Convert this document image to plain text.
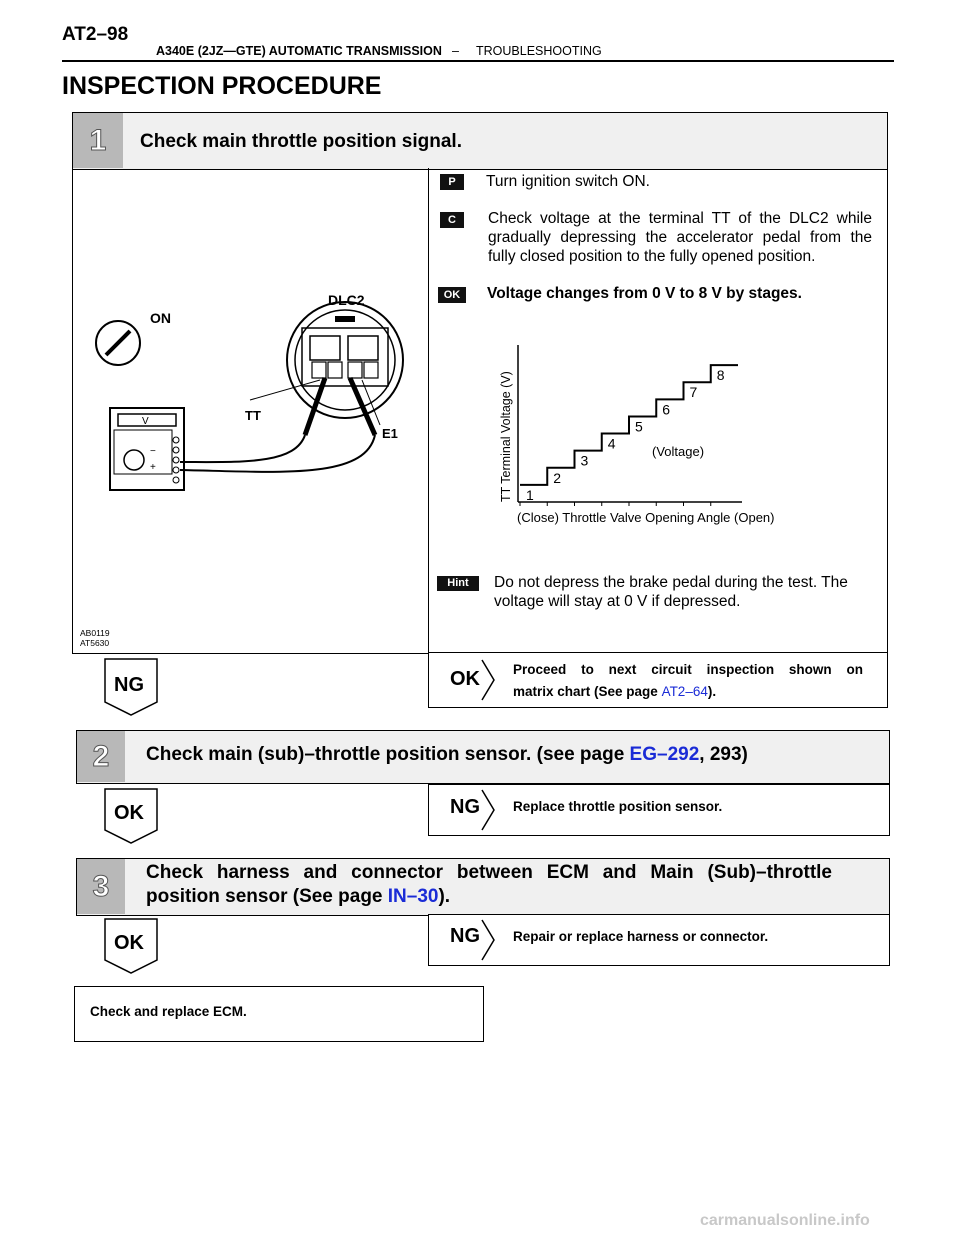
AT2–98
A340E (2JZ—GTE) AUTOMATIC TRANSMISSION – TROUBLESHOOTING
INSPECTION PROCEDURE
1	Check main throttle position signal.
ON
DLC2
TT
E1
V
−
+
AB0119
AT5630
P	Turn ignition switch ON.
C	Check voltage at the terminal TT of the DLC2 while gradually depressing the accelerator pedal from the fully closed position to the fully opened position.
OK	Voltage changes from 0 V to 8 V by stages.
TT Terminal Voltage (V) 1
2
3
4
5
6
7
8
(Voltage)
(Close) Throttle Valve Opening Angle (Open)
Hint	Do not depress the brake pedal during the test. The voltage will stay at 0 V if depressed.
NG	OK Proceed to next circuit inspection shown on
matrix chart (See page AT2–64).
2	Check main (sub)–throttle position sensor. (see page EG–292, 293)
OK	NG Replace throttle position sensor.
3	Check harness and connector between ECM and Main (Sub)–throttle
position sensor (See page IN–30).
OK	NG Repair or replace harness or connector.
Check and replace ECM.
carmanualsonline.info
